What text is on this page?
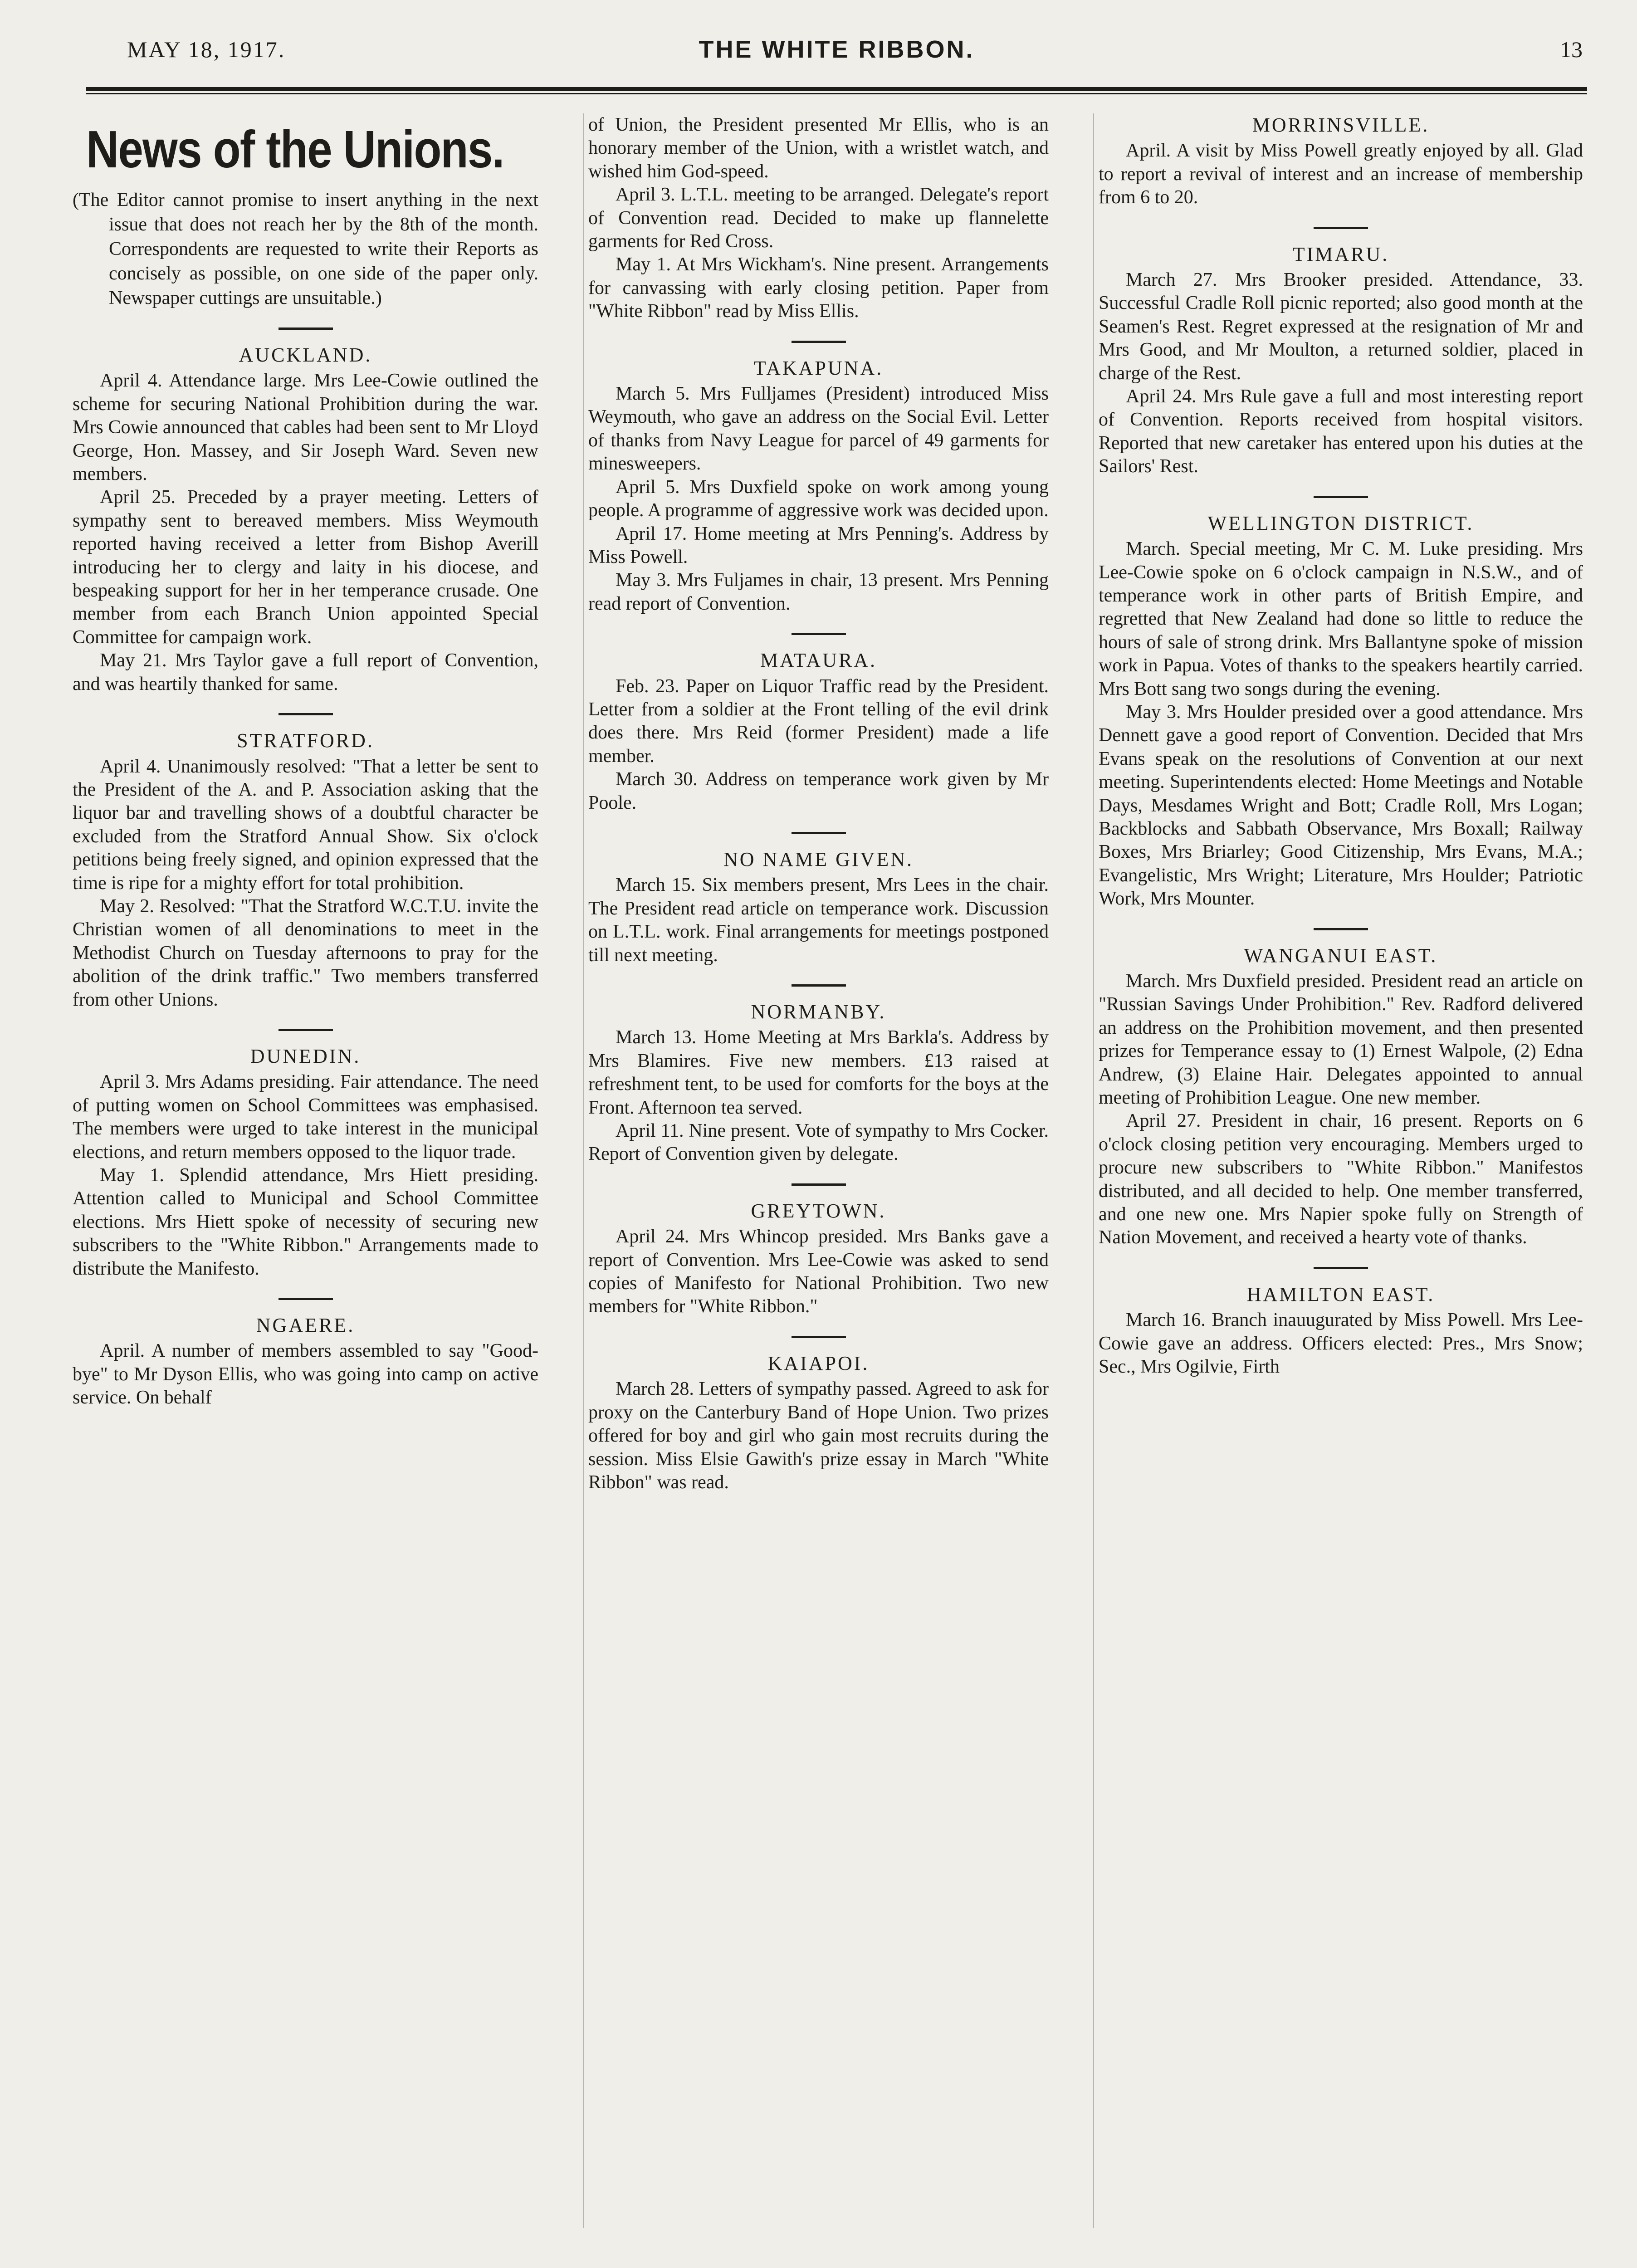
MAY 18, 1917.	THE WHITE RIBBON.	13
News of the Unions.

(The Editor cannot promise to insert anything in the next issue that does not reach her by the 8th of the month. Correspondents are requested to write their Reports as concisely as possible, on one side of the paper only. Newspaper cuttings are unsuitable.)

AUCKLAND.

April 4. Attendance large. Mrs Lee-Cowie outlined the scheme for securing National Prohibition during the war. Mrs Cowie announced that cables had been sent to Mr Lloyd George, Hon. Massey, and Sir Joseph Ward. Seven new members.

April 25. Preceded by a prayer meeting. Letters of sympathy sent to bereaved members. Miss Weymouth reported having received a letter from Bishop Averill introducing her to clergy and laity in his diocese, and bespeaking support for her in her temperance crusade. One member from each Branch Union appointed Special Committee for campaign work.

May 21. Mrs Taylor gave a full report of Convention, and was heartily thanked for same.

STRATFORD.

April 4. Unanimously resolved: "That a letter be sent to the President of the A. and P. Association asking that the liquor bar and travelling shows of a doubtful character be excluded from the Stratford Annual Show. Six o'clock petitions being freely signed, and opinion expressed that the time is ripe for a mighty effort for total prohibition.

May 2. Resolved: "That the Stratford W.C.T.U. invite the Christian women of all denominations to meet in the Methodist Church on Tuesday afternoons to pray for the abolition of the drink traffic." Two members transferred from other Unions.

DUNEDIN.

April 3. Mrs Adams presiding. Fair attendance. The need of putting women on School Committees was emphasised. The members were urged to take interest in the municipal elections, and return members opposed to the liquor trade.

May 1. Splendid attendance, Mrs Hiett presiding. Attention called to Municipal and School Committee elections. Mrs Hiett spoke of necessity of securing new subscribers to the "White Ribbon." Arrangements made to distribute the Manifesto.

NGAERE.

April. A number of members assembled to say "Good-bye" to Mr Dyson Ellis, who was going into camp on active service. On behalf

of Union, the President presented Mr Ellis, who is an honorary member of the Union, with a wristlet watch, and wished him God-speed.

April 3. L.T.L. meeting to be arranged. Delegate's report of Convention read. Decided to make up flannelette garments for Red Cross.

May 1. At Mrs Wickham's. Nine present. Arrangements for canvassing with early closing petition. Paper from "White Ribbon" read by Miss Ellis.

TAKAPUNA.

March 5. Mrs Fulljames (President) introduced Miss Weymouth, who gave an address on the Social Evil. Letter of thanks from Navy League for parcel of 49 garments for minesweepers.

April 5. Mrs Duxfield spoke on work among young people. A programme of aggressive work was decided upon.

April 17. Home meeting at Mrs Penning's. Address by Miss Powell.

May 3. Mrs Fuljames in chair, 13 present. Mrs Penning read report of Convention.

MATAURA.

Feb. 23. Paper on Liquor Traffic read by the President. Letter from a soldier at the Front telling of the evil drink does there. Mrs Reid (former President) made a life member.

March 30. Address on temperance work given by Mr Poole.

NO NAME GIVEN.

March 15. Six members present, Mrs Lees in the chair. The President read article on temperance work. Discussion on L.T.L. work. Final arrangements for meetings postponed till next meeting.

NORMANBY.

March 13. Home Meeting at Mrs Barkla's. Address by Mrs Blamires. Five new members. £13 raised at refreshment tent, to be used for comforts for the boys at the Front. Afternoon tea served.

April 11. Nine present. Vote of sympathy to Mrs Cocker. Report of Convention given by delegate.

GREYTOWN.

April 24. Mrs Whincop presided. Mrs Banks gave a report of Convention. Mrs Lee-Cowie was asked to send copies of Manifesto for National Prohibition. Two new members for "White Ribbon."

KAIAPOI.

March 28. Letters of sympathy passed. Agreed to ask for proxy on the Canterbury Band of Hope Union. Two prizes offered for boy and girl who gain most recruits during the session. Miss Elsie Gawith's prize essay in March "White Ribbon" was read.

MORRINSVILLE.

April. A visit by Miss Powell greatly enjoyed by all. Glad to report a revival of interest and an increase of membership from 6 to 20.

TIMARU.

March 27. Mrs Brooker presided. Attendance, 33. Successful Cradle Roll picnic reported; also good month at the Seamen's Rest. Regret expressed at the resignation of Mr and Mrs Good, and Mr Moulton, a returned soldier, placed in charge of the Rest.

April 24. Mrs Rule gave a full and most interesting report of Convention. Reports received from hospital visitors. Reported that new caretaker has entered upon his duties at the Sailors' Rest.

WELLINGTON DISTRICT.

March. Special meeting, Mr C. M. Luke presiding. Mrs Lee-Cowie spoke on 6 o'clock campaign in N.S.W., and of temperance work in other parts of British Empire, and regretted that New Zealand had done so little to reduce the hours of sale of strong drink. Mrs Ballantyne spoke of mission work in Papua. Votes of thanks to the speakers heartily carried. Mrs Bott sang two songs during the evening.

May 3. Mrs Houlder presided over a good attendance. Mrs Dennett gave a good report of Convention. Decided that Mrs Evans speak on the resolutions of Convention at our next meeting. Superintendents elected: Home Meetings and Notable Days, Mesdames Wright and Bott; Cradle Roll, Mrs Logan; Backblocks and Sabbath Observance, Mrs Boxall; Railway Boxes, Mrs Briarley; Good Citizenship, Mrs Evans, M.A.; Evangelistic, Mrs Wright; Literature, Mrs Houlder; Patriotic Work, Mrs Mounter.

WANGANUI EAST.

March. Mrs Duxfield presided. President read an article on "Russian Savings Under Prohibition." Rev. Radford delivered an address on the Prohibition movement, and then presented prizes for Temperance essay to (1) Ernest Walpole, (2) Edna Andrew, (3) Elaine Hair. Delegates appointed to annual meeting of Prohibition League. One new member.

April 27. President in chair, 16 present. Reports on 6 o'clock closing petition very encouraging. Members urged to procure new subscribers to "White Ribbon." Manifestos distributed, and all decided to help. One member transferred, and one new one. Mrs Napier spoke fully on Strength of Nation Movement, and received a hearty vote of thanks.

HAMILTON EAST.

March 16. Branch inauugurated by Miss Powell. Mrs Lee-Cowie gave an address. Officers elected: Pres., Mrs Snow; Sec., Mrs Ogilvie, Firth
